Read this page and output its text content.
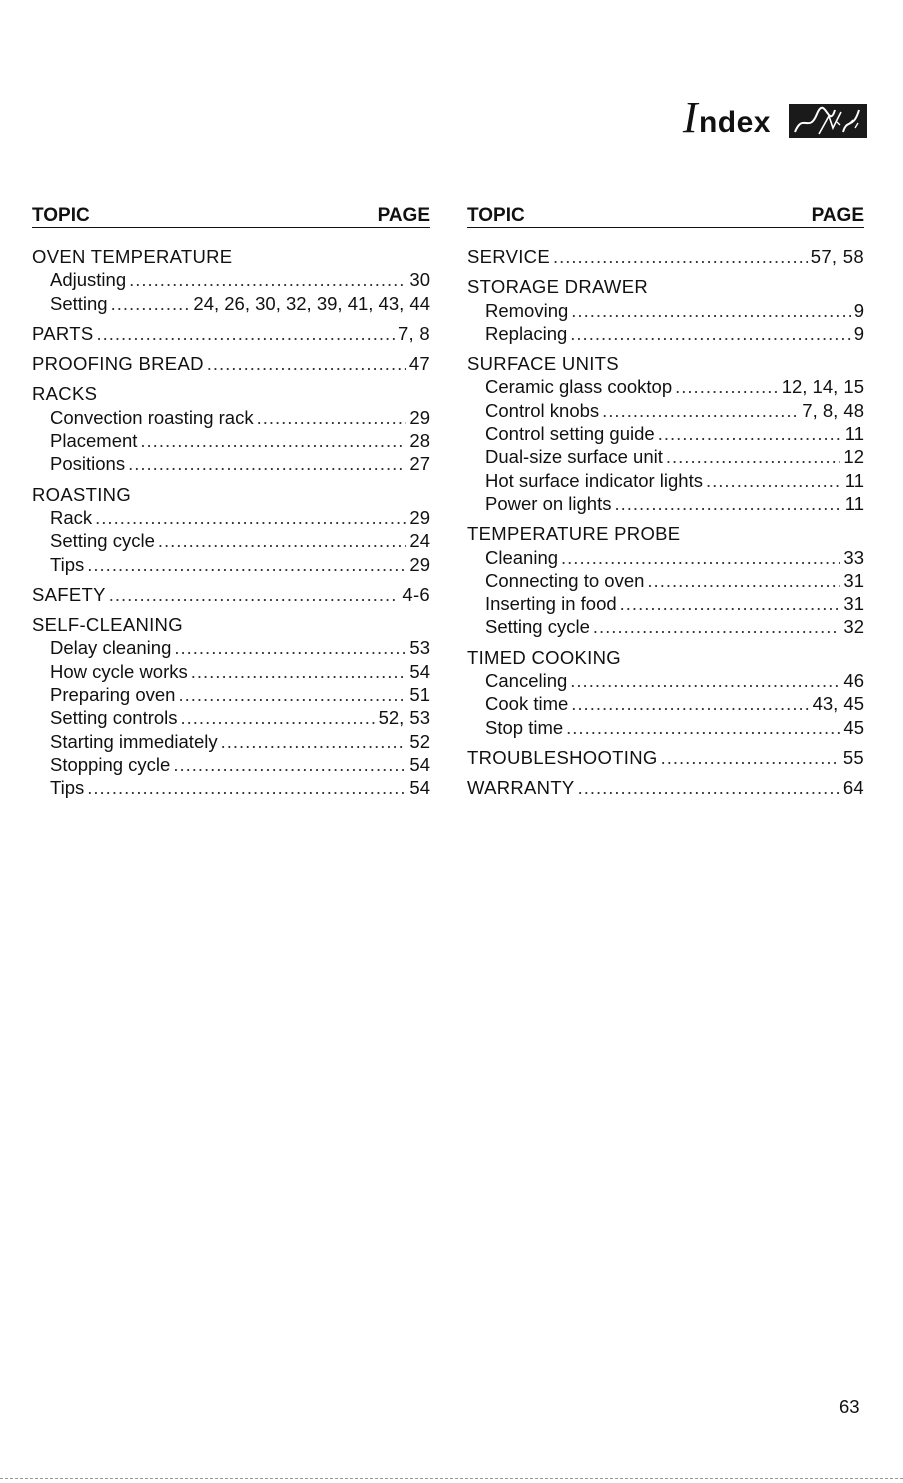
Index
TOPIC	PAGE
OVEN TEMPERATURE
Adjusting .....	30
Setting .....	24, 26, 30, 32, 39, 41, 43, 44
PARTS .....	7, 8
PROOFING BREAD .....	47
RACKS
Convection roasting rack .....	29
Placement .....	28
Positions .....	27
ROASTING
Rack .....	29
Setting cycle .....	24
Tips .....	29
SAFETY .....	4-6
SELF-CLEANING
Delay cleaning .....	53
How cycle works .....	54
Preparing oven .....	51
Setting controls .....	52, 53
Starting immediately .....	52
Stopping cycle .....	54
Tips .....	54
TOPIC	PAGE
SERVICE .....	57, 58
STORAGE DRAWER
Removing .....	9
Replacing .....	9
SURFACE UNITS
Ceramic glass cooktop .....	12, 14, 15
Control knobs .....	7, 8, 48
Control setting guide .....	11
Dual-size surface unit .....	12
Hot surface indicator lights .....	11
Power on lights .....	11
TEMPERATURE PROBE
Cleaning .....	33
Connecting to oven .....	31
Inserting in food .....	31
Setting cycle .....	32
TIMED COOKING
Canceling .....	46
Cook time .....	43, 45
Stop time .....	45
TROUBLESHOOTING .....	55
WARRANTY .....	64
63
